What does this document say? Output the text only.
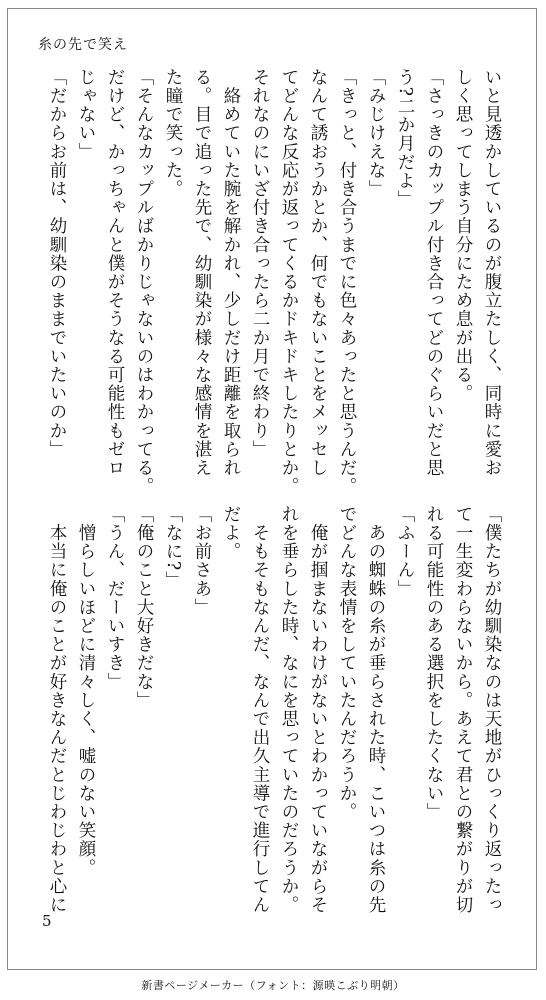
糸の先で笑え
いと見透かしているのが腹立たしく、同時に愛お
しく思ってしまう自分にため息が出る。
「さっきのカップル付き合ってどのぐらいだと思
う?二か月だよ」
「みじけえな」
「きっと、付き合うまでに色々あったと思うんだ。
なんて誘おうかとか、何でもないことをメッセし
てどんな反応が返ってくるかドキドキしたりとか。
それなのにいざ付き合ったら二か月で終わり」
　絡めていた腕を解かれ、少しだけ距離を取られ
る。目で追った先で、幼馴染が様々な感情を湛え
た瞳で笑った。
「そんなカップルばかりじゃないのはわかってる。
だけど、かっちゃんと僕がそうなる可能性もゼロ
じゃない」
「だからお前は、幼馴染のままでいたいのか」
「僕たちが幼馴染なのは天地がひっくり返ったっ
て一生変わらないから。あえて君との繋がりが切
れる可能性のある選択をしたくない」
「ふーん」
　あの蜘蛛の糸が垂らされた時、こいつは糸の先
でどんな表情をしていたんだろうか。
　俺が掴まないわけがないとわかっていながらそ
れを垂らした時、なにを思っていたのだろうか。
　そもそもなんだ、なんで出久主導で進行してん
だよ。
「お前さあ」
「なに?」
「俺のこと大好きだな」
「うん、だーいすき」
　憎らしいほどに清々しく、嘘のない笑顔。
　本当に俺のことが好きなんだとじわじわと心に
5
新書ページメーカー（フォント：源暎こぶり明朝）
